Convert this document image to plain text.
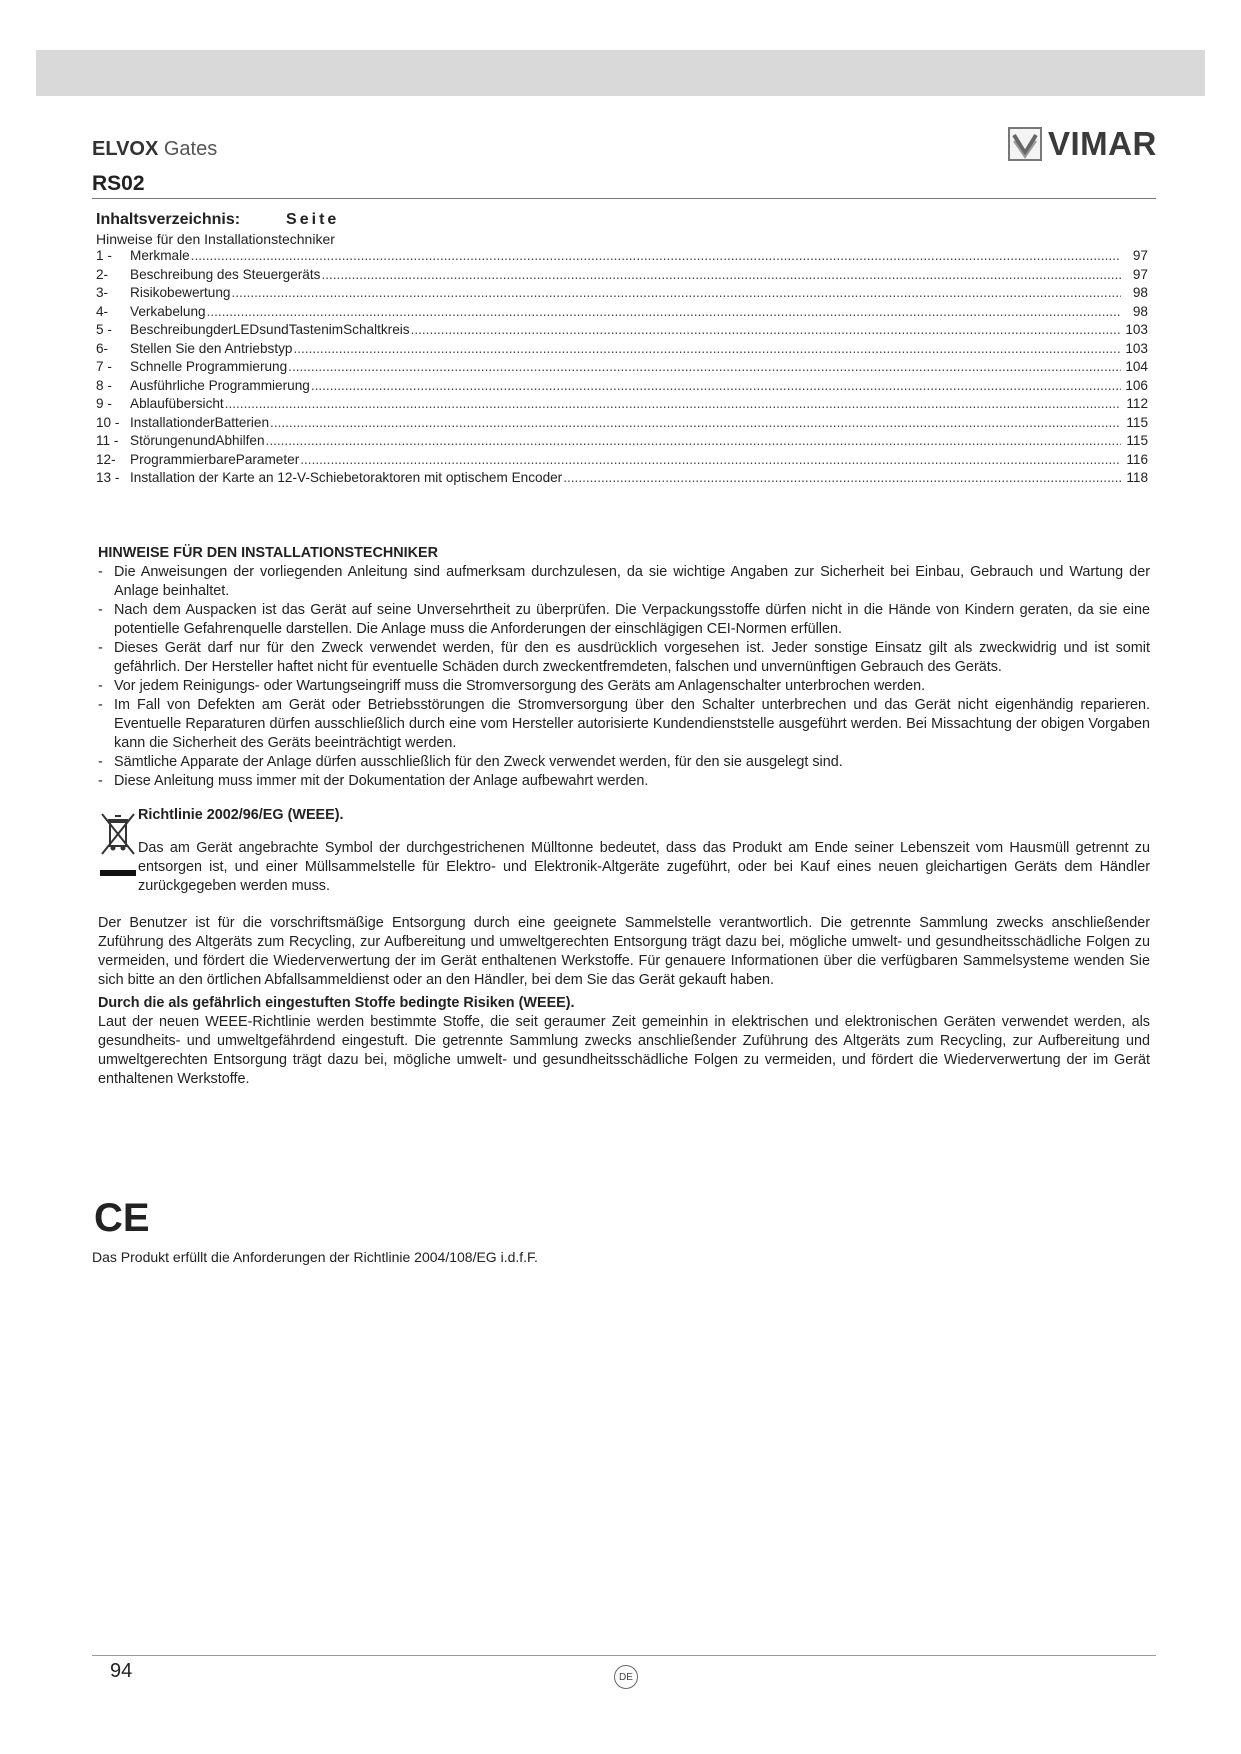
ELVOX Gates	VIMAR
RS02
Inhaltsverzeichnis:	Seite
Hinweise für den Installationstechniker
1 -	Merkmale .....	97
2-	Beschreibung des Steuergeräts .....	97
3-	Risikobewertung .....	98
4-	Verkabelung .....	98
5 -	BeschreibungderLEDsundTastenimSchaltkreis .....	103
6-	Stellen Sie den Antriebstyp .....	103
7 -	Schnelle Programmierung .....	104
8 -	Ausführliche Programmierung .....	106
9 -	Ablaufübersicht .....	112
10 - InstallationderBatterien .....	115
11 - StörungenundAbhilfen .....	115
12-	ProgrammierbareParameter .....	116
13 - Installation der Karte an 12-V-Schiebetoraktoren mit optischem Encoder .....	118
HINWEISE FÜR DEN INSTALLATIONSTECHNIKER
- Die Anweisungen der vorliegenden Anleitung sind aufmerksam durchzulesen, da sie wichtige Angaben zur Sicherheit bei Einbau, Gebrauch und Wartung der Anlage beinhaltet.
- Nach dem Auspacken ist das Gerät auf seine Unversehrtheit zu überprüfen. Die Verpackungsstoffe dürfen nicht in die Hände von Kindern geraten, da sie eine potentielle Gefahrenquelle darstellen. Die Anlage muss die Anforderungen der einschlägigen CEI-Normen erfüllen.
- Dieses Gerät darf nur für den Zweck verwendet werden, für den es ausdrücklich vorgesehen ist. Jeder sonstige Einsatz gilt als zweckwidrig und ist somit gefährlich. Der Hersteller haftet nicht für eventuelle Schäden durch zweckentfremdeten, falschen und unvernünftigen Gebrauch des Geräts.
- Vor jedem Reinigungs- oder Wartungseingriff muss die Stromversorgung des Geräts am Anlagenschalter unterbrochen werden.
- Im Fall von Defekten am Gerät oder Betriebsstörungen die Stromversorgung über den Schalter unterbrechen und das Gerät nicht eigenhändig reparieren. Eventuelle Reparaturen dürfen ausschließlich durch eine vom Hersteller autorisierte Kundendienststelle ausgeführt werden. Bei Missachtung der obigen Vorgaben kann die Sicherheit des Geräts beeinträchtigt werden.
- Sämtliche Apparate der Anlage dürfen ausschließlich für den Zweck verwendet werden, für den sie ausgelegt sind.
- Diese Anleitung muss immer mit der Dokumentation der Anlage aufbewahrt werden.
Richtlinie 2002/96/EG (WEEE).

Das am Gerät angebrachte Symbol der durchgestrichenen Mülltonne bedeutet, dass das Produkt am Ende seiner Lebenszeit vom Hausmüll getrennt zu entsorgen ist, und einer Müllsammelstelle für Elektro- und Elektronik-Altgeräte zugeführt, oder bei Kauf eines neuen gleichartigen Geräts dem Händler zurückgegeben werden muss.

Der Benutzer ist für die vorschriftsmäßige Entsorgung durch eine geeignete Sammelstelle verantwortlich. Die getrennte Sammlung zwecks anschließender Zuführung des Altgeräts zum Recycling, zur Aufbereitung und umweltgerechten Entsorgung trägt dazu bei, mögliche umwelt- und gesundheitsschädliche Folgen zu vermeiden, und fördert die Wiederverwertung der im Gerät enthaltenen Werkstoffe. Für genauere Informationen über die verfügbaren Sammelsysteme wenden Sie sich bitte an den örtlichen Abfallsammeldienst oder an den Händler, bei dem Sie das Gerät gekauft haben.

Durch die als gefährlich eingestuften Stoffe bedingte Risiken (WEEE).

Laut der neuen WEEE-Richtlinie werden bestimmte Stoffe, die seit geraumer Zeit gemeinhin in elektrischen und elektronischen Geräten verwendet werden, als gesundheits- und umweltgefährdend eingestuft. Die getrennte Sammlung zwecks anschließender Zuführung des Altgeräts zum Recycling, zur Aufbereitung und umweltgerechten Entsorgung trägt dazu bei, mögliche umwelt- und gesundheitsschädliche Folgen zu vermeiden, und fördert die Wiederverwertung der im Gerät enthaltenen Werkstoffe.

CE
Das Produkt erfüllt die Anforderungen der Richtlinie 2004/108/EG i.d.f.F.
94	DE
